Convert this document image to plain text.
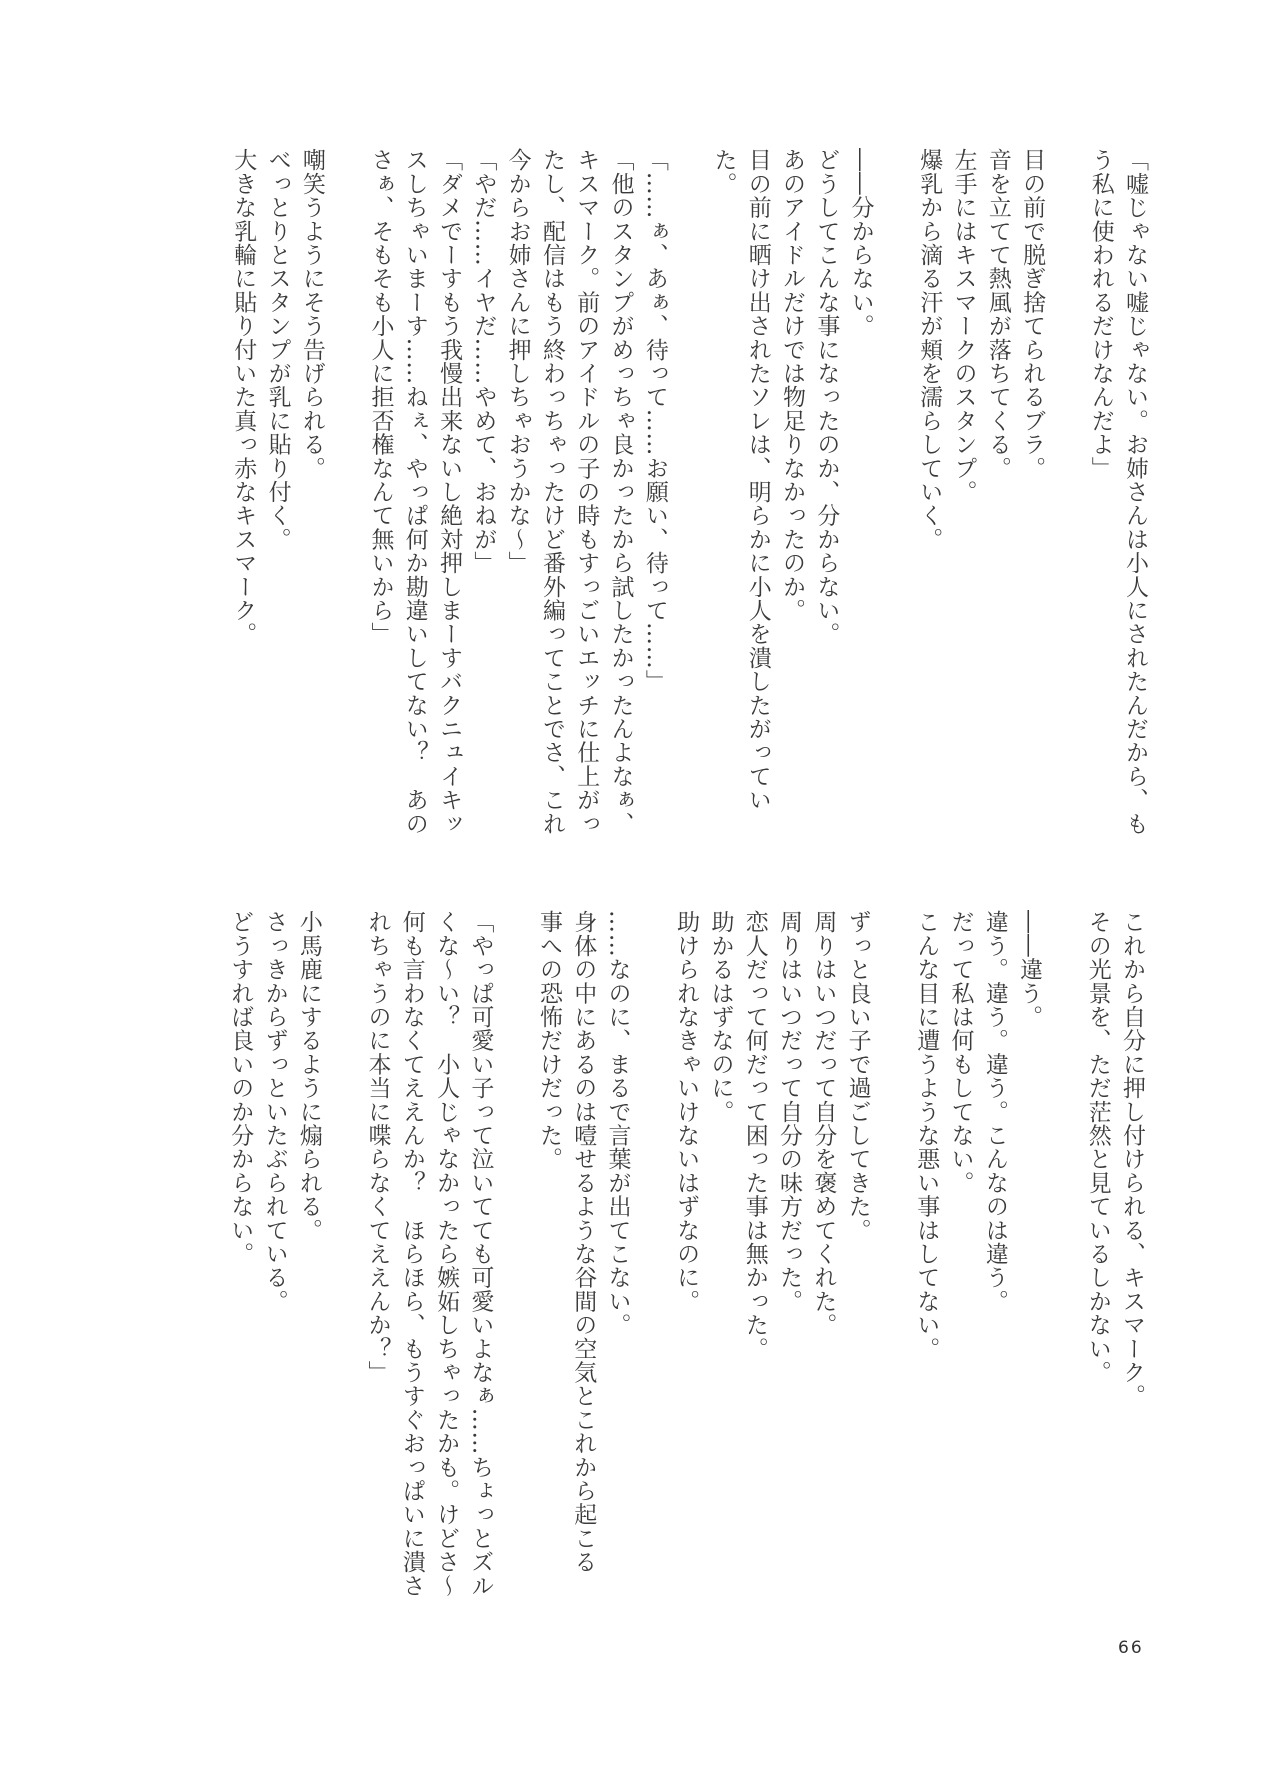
「嘘じゃない嘘じゃない。お姉さんは小人にされたんだから、も
う私に使われるだけなんだよ」
目の前で脱ぎ捨てられるブラ。
音を立てて熱風が落ちてくる。
左手にはキスマークのスタンプ。
爆乳から滴る汗が頬を濡らしていく。
――分からない。
どうしてこんな事になったのか、分からない。
あのアイドルだけでは物足りなかったのか。
目の前に晒け出されたソレは、明らかに小人を潰したがってい
た。
「……ぁ、あぁ、待って……お願い、待って……」
「他のスタンプがめっちゃ良かったから試したかったんよなぁ、
キスマーク。前のアイドルの子の時もすっごいエッチに仕上がっ
たし、配信はもう終わっちゃったけど番外編ってことでさ、これ
今からお姉さんに押しちゃおうかな～」
「やだ……イヤだ……やめて、おねが」
「ダメでーすもう我慢出来ないし絶対押しまーすバクニュイキッ
スしちゃいまーす……ねぇ、やっぱ何か勘違いしてない？　あの
さぁ、そもそも小人に拒否権なんて無いから」
嘲笑うようにそう告げられる。
べっとりとスタンプが乳に貼り付く。
大きな乳輪に貼り付いた真っ赤なキスマーク。
これから自分に押し付けられる、キスマーク。
その光景を、ただ茫然と見ているしかない。
――違う。
違う。違う。違う。こんなのは違う。
だって私は何もしてない。
こんな目に遭うような悪い事はしてない。
ずっと良い子で過ごしてきた。
周りはいつだって自分を褒めてくれた。
周りはいつだって自分の味方だった。
恋人だって何だって困った事は無かった。
助かるはずなのに。
助けられなきゃいけないはずなのに。
……なのに、まるで言葉が出てこない。
身体の中にあるのは噎せるような谷間の空気とこれから起こる
事への恐怖だけだった。
「やっぱ可愛い子って泣いてても可愛いよなぁ……ちょっとズル
くな～い？　小人じゃなかったら嫉妬しちゃったかも。けどさ～
何も言わなくてええんか？　ほらほら、もうすぐおっぱいに潰さ
れちゃうのに本当に喋らなくてええんか？」
小馬鹿にするように煽られる。
さっきからずっといたぶられている。
どうすれば良いのか分からない。
66
